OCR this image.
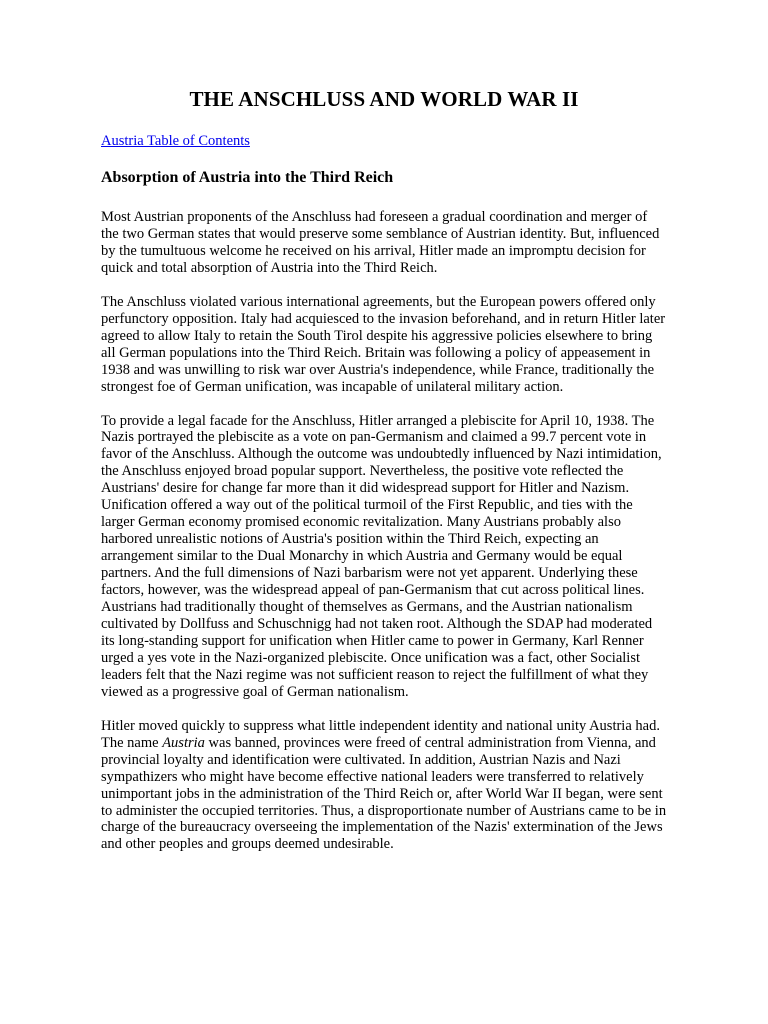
THE ANSCHLUSS AND WORLD WAR II
Austria Table of Contents
Absorption of Austria into the Third Reich

Most Austrian proponents of the Anschluss had foreseen a gradual coordination and merger of the two German states that would preserve some semblance of Austrian identity. But, influenced by the tumultuous welcome he received on his arrival, Hitler made an impromptu decision for quick and total absorption of Austria into the Third Reich.

The Anschluss violated various international agreements, but the European powers offered only perfunctory opposition. Italy had acquiesced to the invasion beforehand, and in return Hitler later agreed to allow Italy to retain the South Tirol despite his aggressive policies elsewhere to bring all German populations into the Third Reich. Britain was following a policy of appeasement in 1938 and was unwilling to risk war over Austria's independence, while France, traditionally the strongest foe of German unification, was incapable of unilateral military action.

To provide a legal facade for the Anschluss, Hitler arranged a plebiscite for April 10, 1938. The Nazis portrayed the plebiscite as a vote on pan-Germanism and claimed a 99.7 percent vote in favor of the Anschluss. Although the outcome was undoubtedly influenced by Nazi intimidation, the Anschluss enjoyed broad popular support. Nevertheless, the positive vote reflected the Austrians' desire for change far more than it did widespread support for Hitler and Nazism. Unification offered a way out of the political turmoil of the First Republic, and ties with the larger German economy promised economic revitalization. Many Austrians probably also harbored unrealistic notions of Austria's position within the Third Reich, expecting an arrangement similar to the Dual Monarchy in which Austria and Germany would be equal partners. And the full dimensions of Nazi barbarism were not yet apparent. Underlying these factors, however, was the widespread appeal of pan-Germanism that cut across political lines. Austrians had traditionally thought of themselves as Germans, and the Austrian nationalism cultivated by Dollfuss and Schuschnigg had not taken root. Although the SDAP had moderated its long-standing support for unification when Hitler came to power in Germany, Karl Renner urged a yes vote in the Nazi-organized plebiscite. Once unification was a fact, other Socialist leaders felt that the Nazi regime was not sufficient reason to reject the fulfillment of what they viewed as a progressive goal of German nationalism.

Hitler moved quickly to suppress what little independent identity and national unity Austria had. The name Austria was banned, provinces were freed of central administration from Vienna, and provincial loyalty and identification were cultivated. In addition, Austrian Nazis and Nazi sympathizers who might have become effective national leaders were transferred to relatively unimportant jobs in the administration of the Third Reich or, after World War II began, were sent to administer the occupied territories. Thus, a disproportionate number of Austrians came to be in charge of the bureaucracy overseeing the implementation of the Nazis' extermination of the Jews and other peoples and groups deemed undesirable.
